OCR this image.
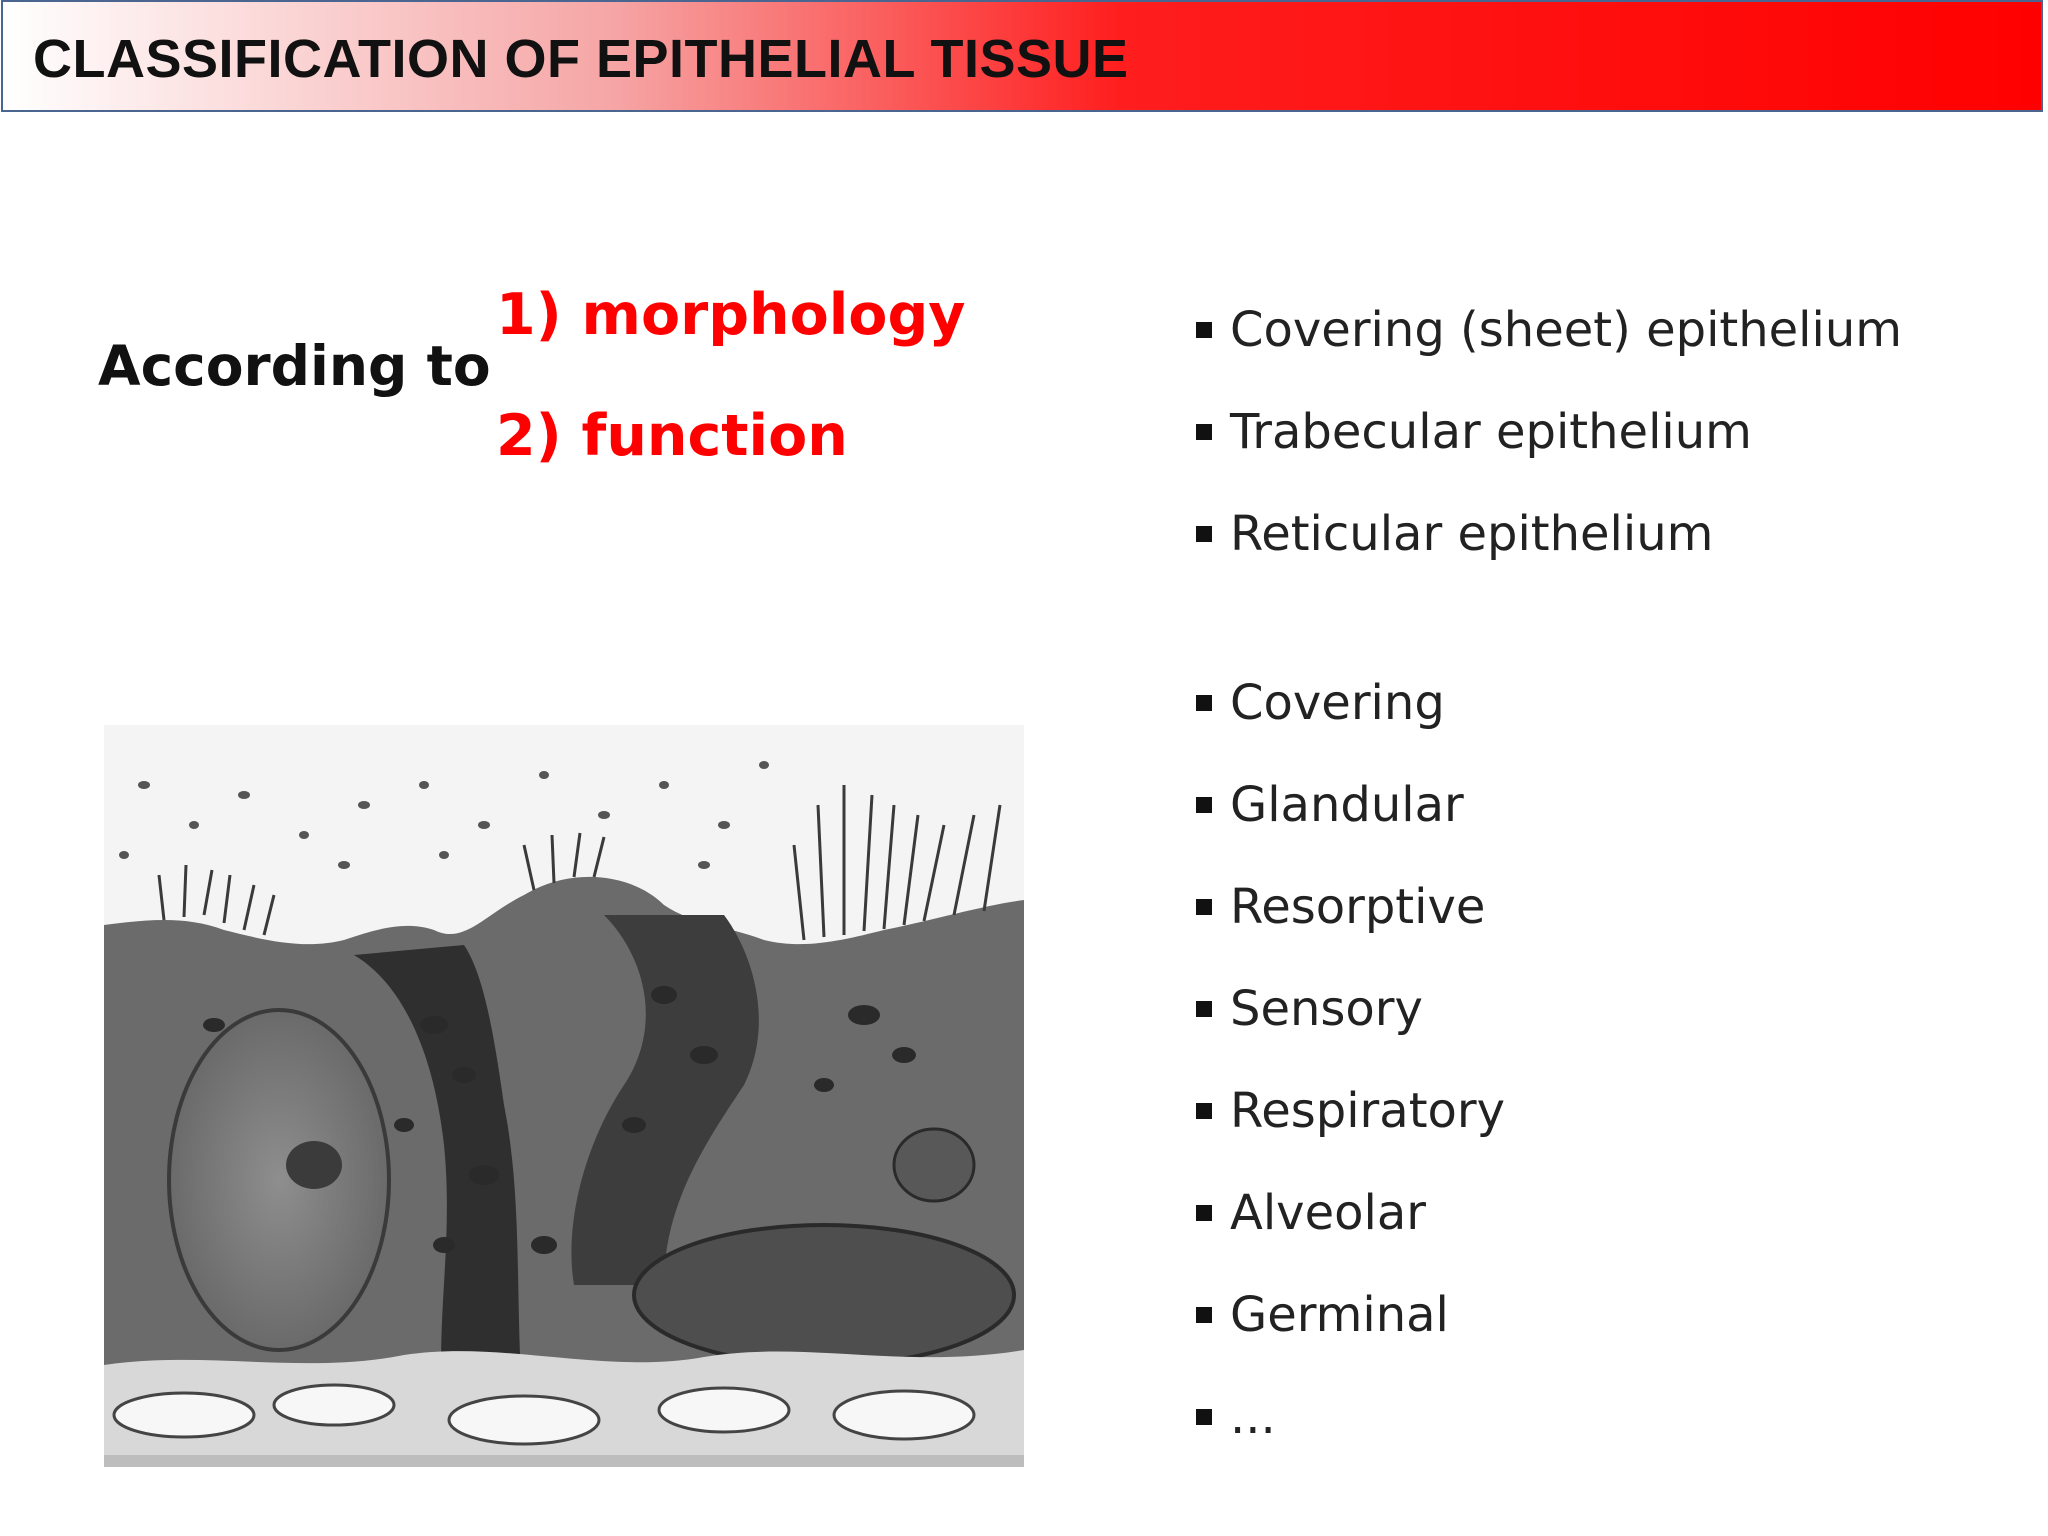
CLASSIFICATION OF EPITHELIAL TISSUE
According to
1) morphology
2) function
Covering (sheet) epithelium
Trabecular epithelium
Reticular epithelium
Covering
Glandular
Resorptive
Sensory
Respiratory
Alveolar
Germinal
...
